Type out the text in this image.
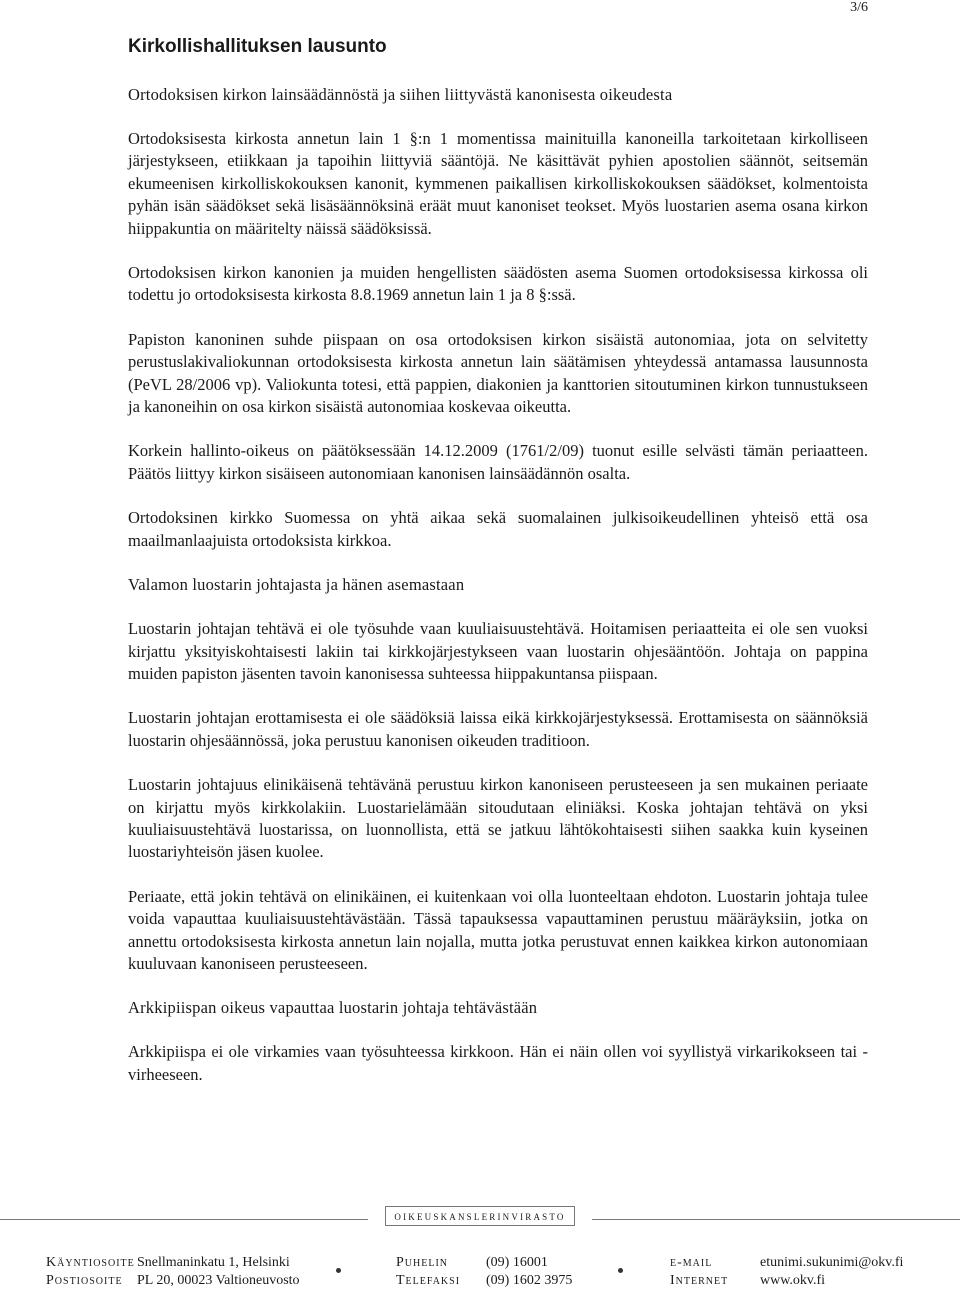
3/6
Kirkollishallituksen lausunto
Ortodoksisen kirkon lainsäädännöstä ja siihen liittyvästä kanonisesta oikeudesta

Ortodoksisesta kirkosta annetun lain 1 §:n 1 momentissa mainituilla kanoneilla tarkoitetaan kirkolliseen järjestykseen, etiikkaan ja tapoihin liittyviä sääntöjä. Ne käsittävät pyhien apostolien säännöt, seitsemän ekumeenisen kirkolliskokouksen kanonit, kymmenen paikallisen kirkolliskokouksen säädökset, kolmentoista pyhän isän säädökset sekä lisäsäännöksinä eräät muut kanoniset teokset. Myös luostarien asema osana kirkon hiippakuntia on määritelty näissä säädöksissä.

Ortodoksisen kirkon kanonien ja muiden hengellisten säädösten asema Suomen ortodoksisessa kirkossa oli todettu jo ortodoksisesta kirkosta 8.8.1969 annetun lain 1 ja 8 §:ssä.

Papiston kanoninen suhde piispaan on osa ortodoksisen kirkon sisäistä autonomiaa, jota on selvitetty perustuslakivaliokunnan ortodoksisesta kirkosta annetun lain säätämisen yhteydessä antamassa lausunnosta (PeVL 28/2006 vp). Valiokunta totesi, että pappien, diakonien ja kanttorien sitoutuminen kirkon tunnustukseen ja kanoneihin on osa kirkon sisäistä autonomiaa koskevaa oikeutta.

Korkein hallinto-oikeus on päätöksessään 14.12.2009 (1761/2/09) tuonut esille selvästi tämän periaatteen. Päätös liittyy kirkon sisäiseen autonomiaan kanonisen lainsäädännön osalta.

Ortodoksinen kirkko Suomessa on yhtä aikaa sekä suomalainen julkisoikeudellinen yhteisö että osa maailmanlaajuista ortodoksista kirkkoa.

Valamon luostarin johtajasta ja hänen asemastaan

Luostarin johtajan tehtävä ei ole työsuhde vaan kuuliaisuustehtävä. Hoitamisen periaatteita ei ole sen vuoksi kirjattu yksityiskohtaisesti lakiin tai kirkkojärjestykseen vaan luostarin ohjesääntöön. Johtaja on pappina muiden papiston jäsenten tavoin kanonisessa suhteessa hiippakuntansa piispaan.

Luostarin johtajan erottamisesta ei ole säädöksiä laissa eikä kirkkojärjestyksessä. Erottamisesta on säännöksiä luostarin ohjesäännössä, joka perustuu kanonisen oikeuden traditioon.

Luostarin johtajuus elinikäisenä tehtävänä perustuu kirkon kanoniseen perusteeseen ja sen mukainen periaate on kirjattu myös kirkkolakiin. Luostarielämään sitoudutaan eliniäksi. Koska johtajan tehtävä on yksi kuuliaisuustehtävä luostarissa, on luonnollista, että se jatkuu lähtökohtaisesti siihen saakka kuin kyseinen luostariyhteisön jäsen kuolee.

Periaate, että jokin tehtävä on elinikäinen, ei kuitenkaan voi olla luonteeltaan ehdoton. Luostarin johtaja tulee voida vapauttaa kuuliaisuustehtävästään. Tässä tapauksessa vapauttaminen perustuu määräyksiin, jotka on annettu ortodoksisesta kirkosta annetun lain nojalla, mutta jotka perustuvat ennen kaikkea kirkon autonomiaan kuuluvaan kanoniseen perusteeseen.

Arkkipiispan oikeus vapauttaa luostarin johtaja tehtävästään

Arkkipiispa ei ole virkamies vaan työsuhteessa kirkkoon. Hän ei näin ollen voi syyllistyä virkarikokseen tai -virheeseen.

oikeuskanslerinvirasto
Käyntiosoite Snellmaninkatu 1, Helsinki
Postiosoite PL 20, 00023 Valtioneuvosto
Puhelin	(09) 16001
Telefaksi (09) 1602 3975
e-mail	etunimi.sukunimi@okv.fi
Internet www.okv.fi
